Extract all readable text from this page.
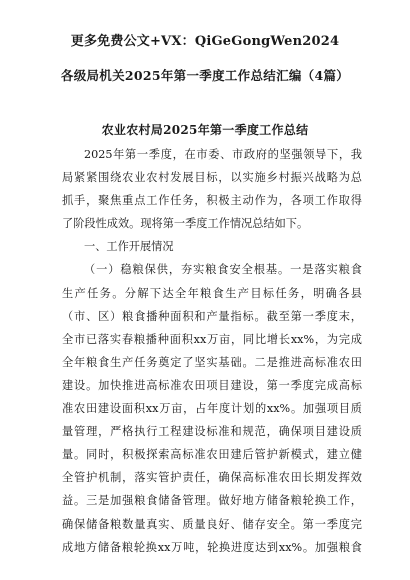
更多免费公文+VX：QiGeGongWen2024
各级局机关2025年第一季度工作总结汇编（4篇）
农业农村局2025年第一季度工作总结
2025年第一季度，在市委、市政府的坚强领导下，我
局紧紧围绕农业农村发展目标，以实施乡村振兴战略为总
抓手，聚焦重点工作任务，积极主动作为，各项工作取得
了阶段性成效。现将第一季度工作情况总结如下。
一、工作开展情况
（一）稳粮保供，夯实粮食安全根基。一是落实粮食
生产任务。分解下达全年粮食生产目标任务，明确各县
（市、区）粮食播种面积和产量指标。截至第一季度末，
全市已落实春粮播种面积xx万亩，同比增长xx%，为完成
全年粮食生产任务奠定了坚实基础。二是推进高标准农田
建设。加快推进高标准农田项目建设，第一季度完成高标
准农田建设面积xx万亩，占年度计划的xx%。加强项目质
量管理，严格执行工程建设标准和规范，确保项目建设质
量。同时，积极探索高标准农田建后管护新模式，建立健
全管护机制，落实管护责任，确保高标准农田长期发挥效
益。三是加强粮食储备管理。做好地方储备粮轮换工作，
确保储备粮数量真实、质量良好、储存安全。第一季度完
成地方储备粮轮换xx万吨，轮换进度达到xx%。加强粮食
